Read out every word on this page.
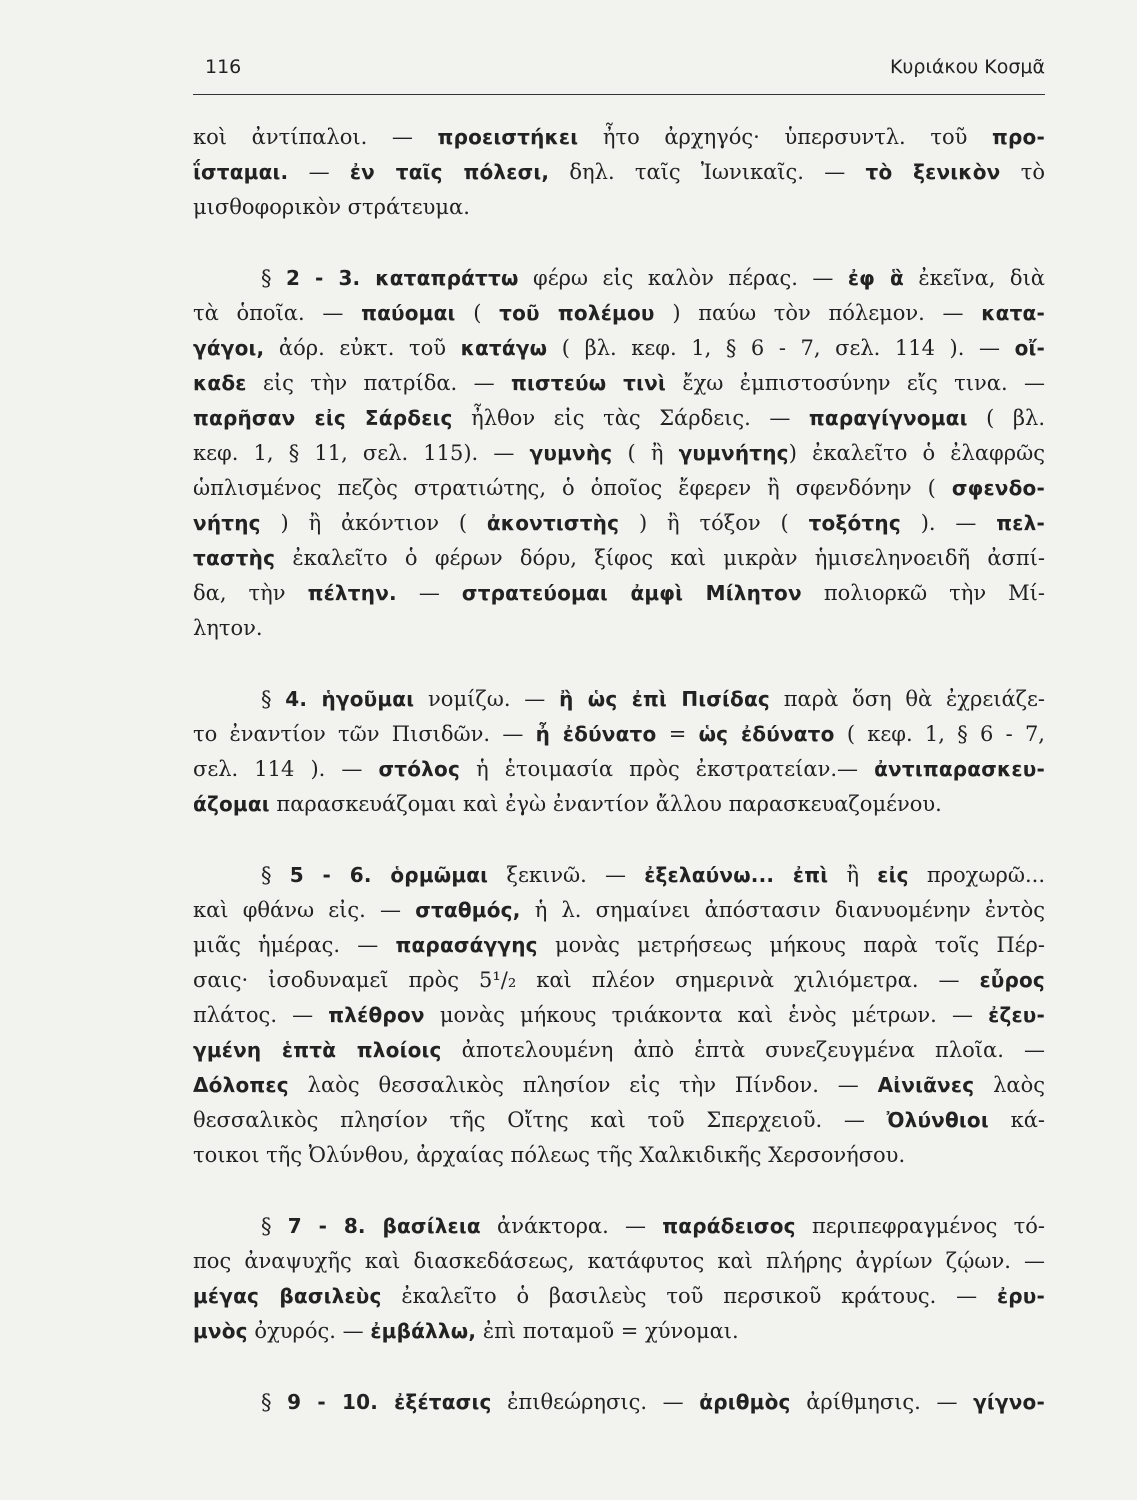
116	Κυριάκου Κοσμᾶ
κοὶ ἀντίπαλοι. — προειστήκει ἦτο ἀρχηγός· ὑπερσυντλ. τοῦ προ-
ΐσταμαι. — ἐν ταῖς πόλεσι, δηλ. ταῖς Ἰωνικαῖς. — τὸ ξενικὸν τὸ
μισθοφορικὸν στράτευμα.
§ 2 - 3. καταπράττω φέρω εἰς καλὸν πέρας. — ἐφ ἃ ἐκεῖνα, διὰ
τὰ ὁποῖα. — παύομαι ( τοῦ πολέμου ) παύω τὸν πόλεμον. — κατα-
γάγοι, ἀόρ. εὐκτ. τοῦ κατάγω ( βλ. κεφ. 1, § 6 - 7, σελ. 114 ). — οἴ-
καδε εἰς τὴν πατρίδα. — πιστεύω τινὶ ἔχω ἐμπιστοσύνην εἴς τινα. —
παρῆσαν εἰς Σάρδεις ἦλθον εἰς τὰς Σάρδεις. — παραγίγνομαι ( βλ.
κεφ. 1, § 11, σελ. 115). — γυμνὴς ( ἢ γυμνήτης) ἐκαλεῖτο ὁ ἐλαφρῶς
ὡπλισμένος πεζὸς στρατιώτης, ὁ ὁποῖος ἔφερεν ἢ σφενδόνην ( σφενδο-
νήτης ) ἢ ἀκόντιον ( ἀκοντιστὴς ) ἢ τόξον ( τοξότης ). — πελ-
ταστὴς ἐκαλεῖτο ὁ φέρων δόρυ, ξίφος καὶ μικρὰν ἡμισεληνοειδῆ ἀσπί-
δα, τὴν πέλτην. — στρατεύομαι ἀμφὶ Μίλητον πολιορκῶ τὴν Μί-
λητον.
§ 4. ἡγοῦμαι νομίζω. — ἢ ὡς ἐπὶ Πισίδας παρὰ ὅση θὰ ἐχρειάζε-
το ἐναντίον τῶν Πισιδῶν. — ἦ ἐδύνατο = ὡς ἐδύνατο ( κεφ. 1, § 6 - 7,
σελ. 114 ). — στόλος ἡ ἑτοιμασία πρὸς ἐκστρατείαν.— ἀντιπαρασκευ-
άζομαι παρασκευάζομαι καὶ ἐγὼ ἐναντίον ἄλλου παρασκευαζομένου.
§ 5 - 6. ὁρμῶμαι ξεκινῶ. — ἐξελαύνω... ἐπὶ ἢ εἰς προχωρῶ...
καὶ φθάνω εἰς. — σταθμός, ἡ λ. σημαίνει ἀπόστασιν διανυομένην ἐντὸς
μιᾶς ἡμέρας. — παρασάγγης μονὰς μετρήσεως μήκους παρὰ τοῖς Πέρ-
σαις· ἰσοδυναμεῖ πρὸς 5¹/₂ καὶ πλέον σημερινὰ χιλιόμετρα. — εὖρος
πλάτος. — πλέθρον μονὰς μήκους τριάκοντα καὶ ἑνὸς μέτρων. — ἐζευ-
γμένη ἑπτὰ πλοίοις ἀποτελουμένη ἀπὸ ἑπτὰ συνεζευγμένα πλοῖα. —
Δόλοπες λαὸς θεσσαλικὸς πλησίον εἰς τὴν Πίνδον. — Αἰνιᾶνες λαὸς
θεσσαλικὸς πλησίον τῆς Οἴτης καὶ τοῦ Σπερχειοῦ. — Ὀλύνθιοι κά-
τοικοι τῆς Ὀλύνθου, ἀρχαίας πόλεως τῆς Χαλκιδικῆς Χερσονήσου.
§ 7 - 8. βασίλεια ἀνάκτορα. — παράδεισος περιπεφραγμένος τό-
πος ἀναψυχῆς καὶ διασκεδάσεως, κατάφυτος καὶ πλήρης ἀγρίων ζῴων. —
μέγας βασιλεὺς ἐκαλεῖτο ὁ βασιλεὺς τοῦ περσικοῦ κράτους. — ἐρυ-
μνὸς ὀχυρός. — ἐμβάλλω, ἐπὶ ποταμοῦ = χύνομαι.
§ 9 - 10. ἐξέτασις ἐπιθεώρησις. — ἀριθμὸς ἀρίθμησις. — γίγνο-
